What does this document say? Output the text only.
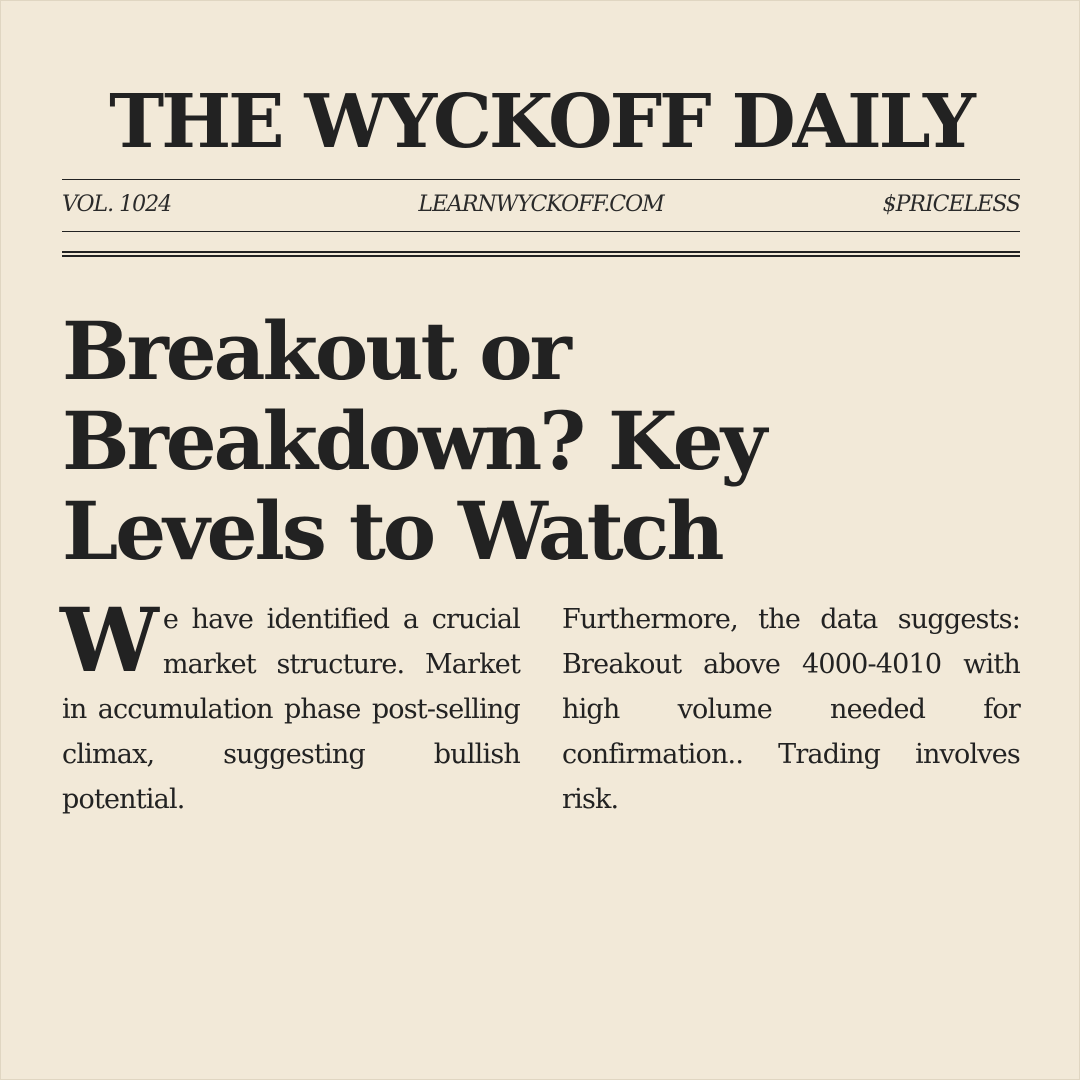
THE WYCKOFF DAILY
LEARNWYCKOFF.COM
VOL. 1024	$PRICELESS
Breakout or Breakdown? Key Levels to Watch

We have identified a crucial market structure. Market in accumulation phase post-selling climax, suggesting bullish potential.

Furthermore, the data suggests: Breakout above 4000-4010 with high volume needed for confirmation.. Trading involves risk.
